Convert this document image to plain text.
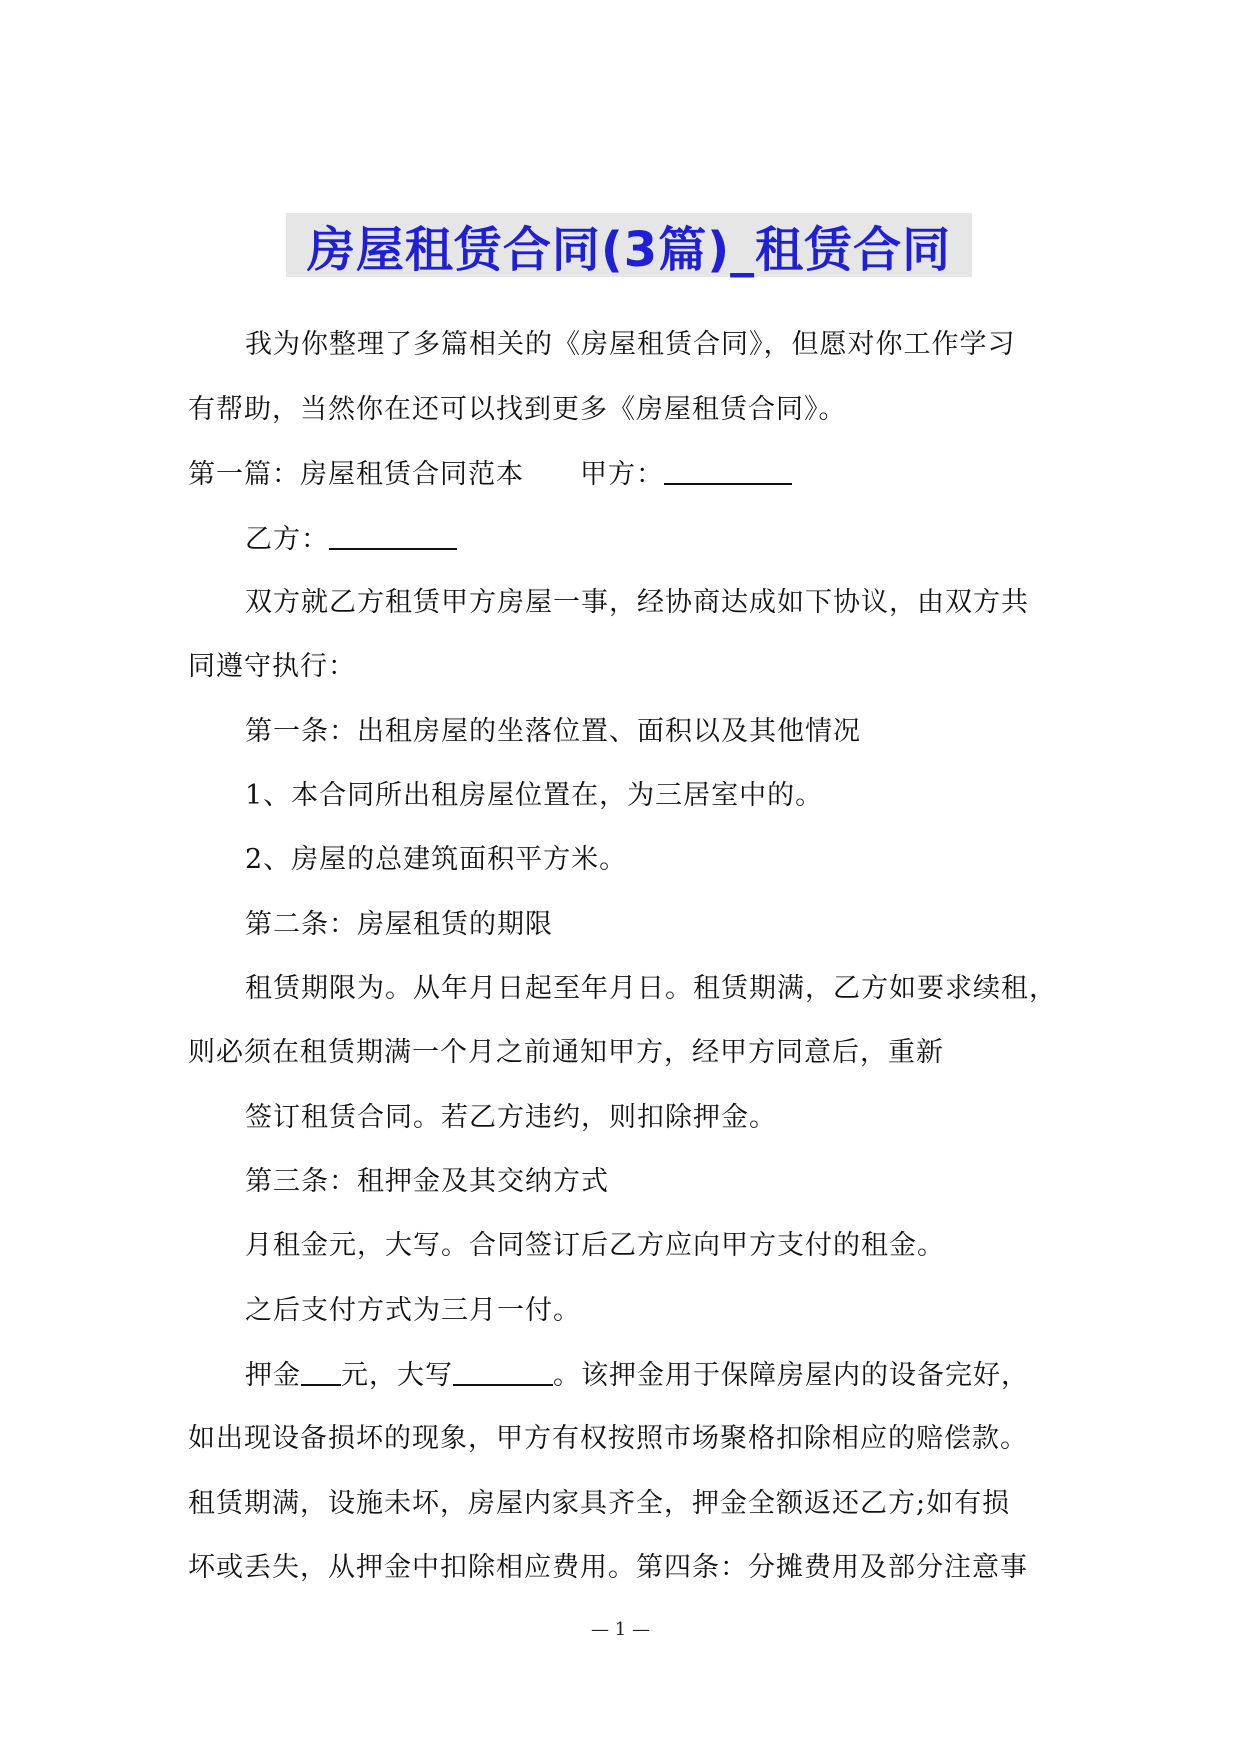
房屋租赁合同(3篇)_租赁合同
我为你整理了多篇相关的《房屋租赁合同》，但愿对你工作学习
有帮助，当然你在还可以找到更多《房屋租赁合同》。
第一篇：房屋租赁合同范本 甲方：
乙方：
双方就乙方租赁甲方房屋一事，经协商达成如下协议，由双方共
同遵守执行：
第一条：出租房屋的坐落位置、面积以及其他情况
1、本合同所出租房屋位置在，为三居室中的。
2、房屋的总建筑面积平方米。
第二条：房屋租赁的期限
租赁期限为。从年月日起至年月日。租赁期满，乙方如要求续租，
则必须在租赁期满一个月之前通知甲方，经甲方同意后，重新
签订租赁合同。若乙方违约，则扣除押金。
第三条：租押金及其交纳方式
月租金元，大写。合同签订后乙方应向甲方支付的租金。
之后支付方式为三月一付。
押金 元，大写	。该押金用于保障房屋内的设备完好，
如出现设备损坏的现象，甲方有权按照市场聚格扣除相应的赔偿款。
租赁期满，设施未坏，房屋内家具齐全，押金全额返还乙方;如有损
坏或丢失，从押金中扣除相应费用。第四条：分摊费用及部分注意事
— 1 —
